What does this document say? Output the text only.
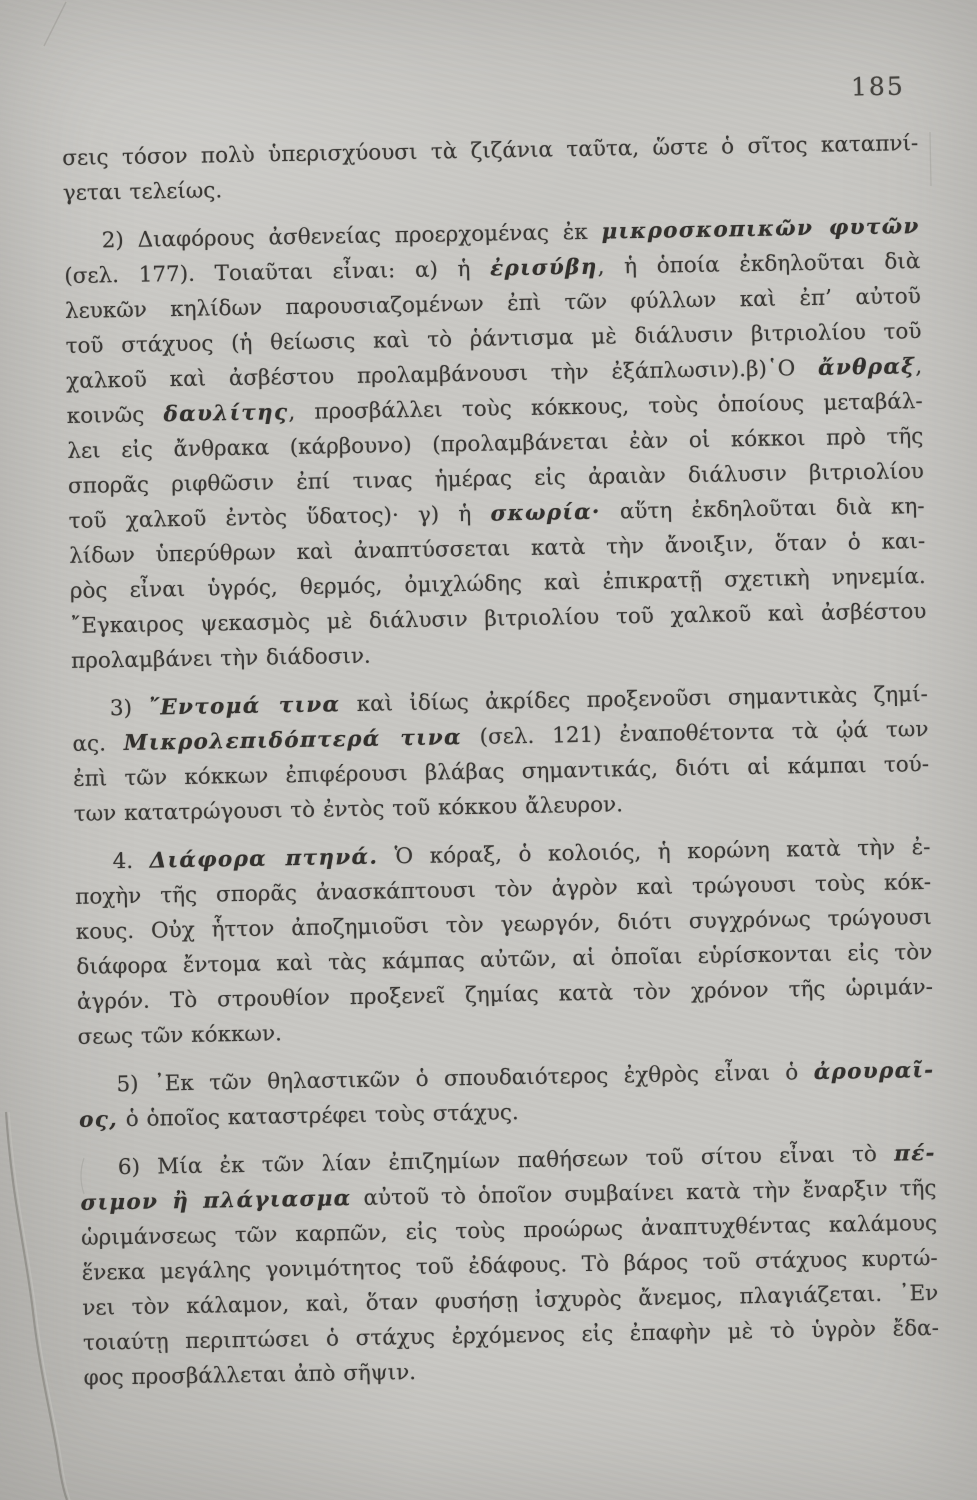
185
σεις τόσον πολὺ ὑπερισχύουσι τὰ ζιζάνια ταῦτα, ὥστε ὁ σῖτος καταπνί-
γεται τελείως.
2) Διαφόρους ἀσθενείας προερχομένας ἐκ μικροσκοπικῶν φυτῶν
(σελ. 177). Τοιαῦται εἶναι: α) ἡ ἐρισύβη, ἡ ὁποία ἐκδηλοῦται διὰ
λευκῶν κηλίδων παρουσιαζομένων ἐπὶ τῶν φύλλων καὶ ἐπ’ αὐτοῦ
τοῦ στάχυος (ἡ θείωσις καὶ τὸ ῥάντισμα μὲ διάλυσιν βιτριολίου τοῦ
χαλκοῦ καὶ ἀσβέστου προλαμβάνουσι τὴν ἐξάπλωσιν).β)῾Ο ἄνθραξ,
κοινῶς δαυλίτης, προσβάλλει τοὺς κόκκους, τοὺς ὁποίους μεταβάλ-
λει εἰς ἄνθρακα (κάρβουνο) (προλαμβάνεται ἐὰν οἱ κόκκοι πρὸ τῆς
σπορᾶς ριφθῶσιν ἐπί τινας ἡμέρας εἰς ἀραιὰν διάλυσιν βιτριολίου
τοῦ χαλκοῦ ἐντὸς ὕδατος)· γ) ἡ σκωρία· αὕτη ἐκδηλοῦται διὰ κη-
λίδων ὑπερύθρων καὶ ἀναπτύσσεται κατὰ τὴν ἄνοιξιν, ὅταν ὁ και-
ρὸς εἶναι ὑγρός, θερμός, ὀμιχλώδης καὶ ἐπικρατῇ σχετικὴ νηνεμία.
῎Εγκαιρος ψεκασμὸς μὲ διάλυσιν βιτριολίου τοῦ χαλκοῦ καὶ ἀσβέστου
προλαμβάνει τὴν διάδοσιν.
3) ῎Εντομά τινα καὶ ἰδίως ἀκρίδες προξενοῦσι σημαντικὰς ζημί-
ας. Μικρολεπιδόπτερά τινα (σελ. 121) ἐναποθέτοντα τὰ ᾠά των
ἐπὶ τῶν κόκκων ἐπιφέρουσι βλάβας σημαντικάς, διότι αἱ κάμπαι τού-
των κατατρώγουσι τὸ ἐντὸς τοῦ κόκκου ἄλευρον.
4. Διάφορα πτηνά. Ὁ κόραξ, ὁ κολοιός, ἡ κορώνη κατὰ τὴν ἐ-
ποχὴν τῆς σπορᾶς ἀνασκάπτουσι τὸν ἀγρὸν καὶ τρώγουσι τοὺς κόκ-
κους. Οὐχ ἧττον ἀποζημιοῦσι τὸν γεωργόν, διότι συγχρόνως τρώγουσι
διάφορα ἔντομα καὶ τὰς κάμπας αὐτῶν, αἱ ὁποῖαι εὑρίσκονται εἰς τὸν
ἀγρόν. Τὸ στρουθίον προξενεῖ ζημίας κατὰ τὸν χρόνον τῆς ὡριμάν-
σεως τῶν κόκκων.
5) ᾿Εκ τῶν θηλαστικῶν ὁ σπουδαιότερος ἐχθρὸς εἶναι ὁ ἀρουραῖ-
ος, ὁ ὁποῖος καταστρέφει τοὺς στάχυς.
6) Μία ἐκ τῶν λίαν ἐπιζημίων παθήσεων τοῦ σίτου εἶναι τὸ πέ-
σιμον ἢ πλάγιασμα αὐτοῦ τὸ ὁποῖον συμβαίνει κατὰ τὴν ἔναρξιν τῆς
ὡριμάνσεως τῶν καρπῶν, εἰς τοὺς προώρως ἀναπτυχθέντας καλάμους
ἕνεκα μεγάλης γονιμότητος τοῦ ἐδάφους. Τὸ βάρος τοῦ στάχυος κυρτώ-
νει τὸν κάλαμον, καὶ, ὅταν φυσήσῃ ἰσχυρὸς ἄνεμος, πλαγιάζεται. ᾿Εν
τοιαύτῃ περιπτώσει ὁ στάχυς ἐρχόμενος εἰς ἐπαφὴν μὲ τὸ ὑγρὸν ἔδα-
φος προσβάλλεται ἀπὸ σῆψιν.
